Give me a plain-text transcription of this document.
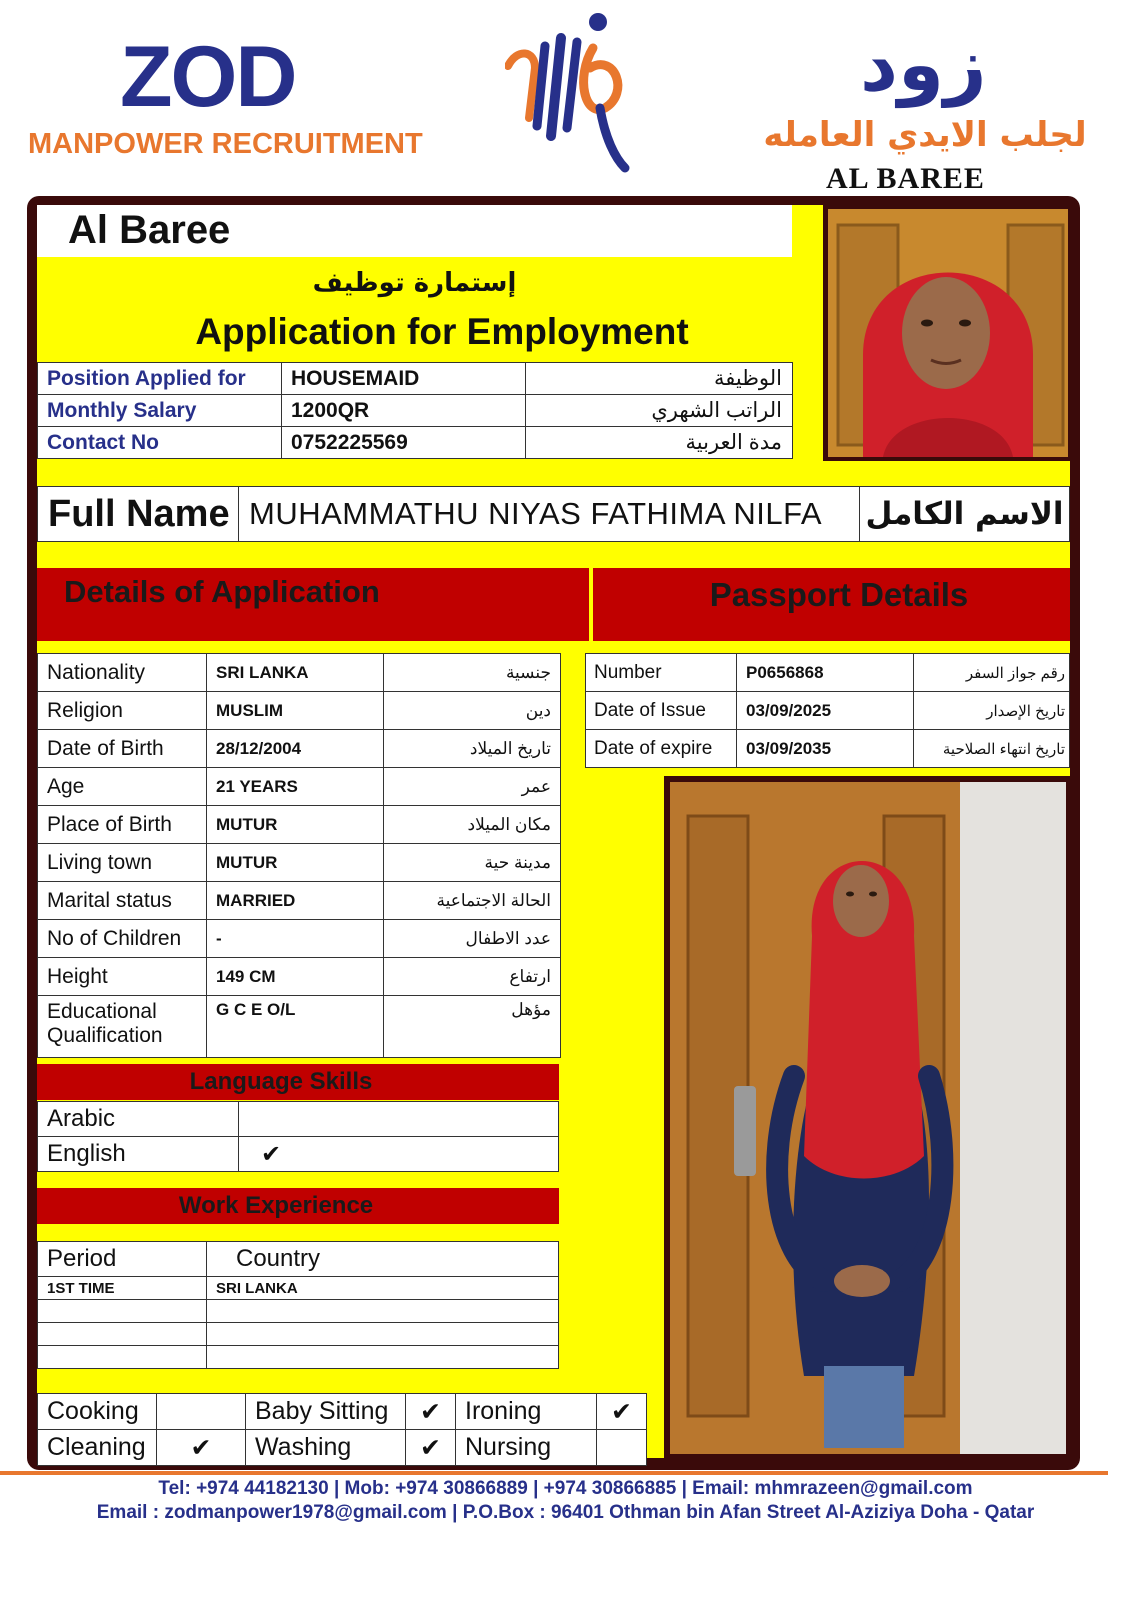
ZOD
MANPOWER RECRUITMENT
زود
لجلب الايدي العامله
AL BAREE
Al Baree
إستمارة توظيف
Application for Employment
Position Applied for	HOUSEMAID	الوظيفة
Monthly Salary	1200QR	الراتب الشهري
Contact No	0752225569	مدة العربية
Full Name	MUHAMMATHU NIYAS FATHIMA NILFA	الاسم الكامل
Details of Application	Passport Details
Nationality	SRI LANKA	جنسية
Religion	MUSLIM	دين
Date of Birth	28/12/2004	تاريخ الميلاد
Age	21 YEARS	عمر
Place of Birth	MUTUR	مكان الميلاد
Living town	MUTUR	مدينة حية
Marital status	MARRIED	الحالة الاجتماعية
No of Children	-	عدد الاطفال
Height	149 CM	ارتفاع
Educational Qualification	G C E O/L	مؤهل
Number	P0656868	رقم جواز السفر
Date of Issue	03/09/2025	تاريخ الإصدار
Date of expire	03/09/2035	تاريخ انتهاء الصلاحية
Language Skills
Arabic	
English	✔
Work Experience
Period	Country
1ST TIME	SRI LANKA

Cooking		Baby Sitting	✔	Ironing	✔
Cleaning	✔	Washing	✔	Nursing	
Tel: +974 44182130 | Mob: +974 30866889 | +974 30866885 | Email: mhmrazeen@gmail.com
Email : zodmanpower1978@gmail.com | P.O.Box : 96401 Othman bin Afan Street Al-Aziziya Doha - Qatar
